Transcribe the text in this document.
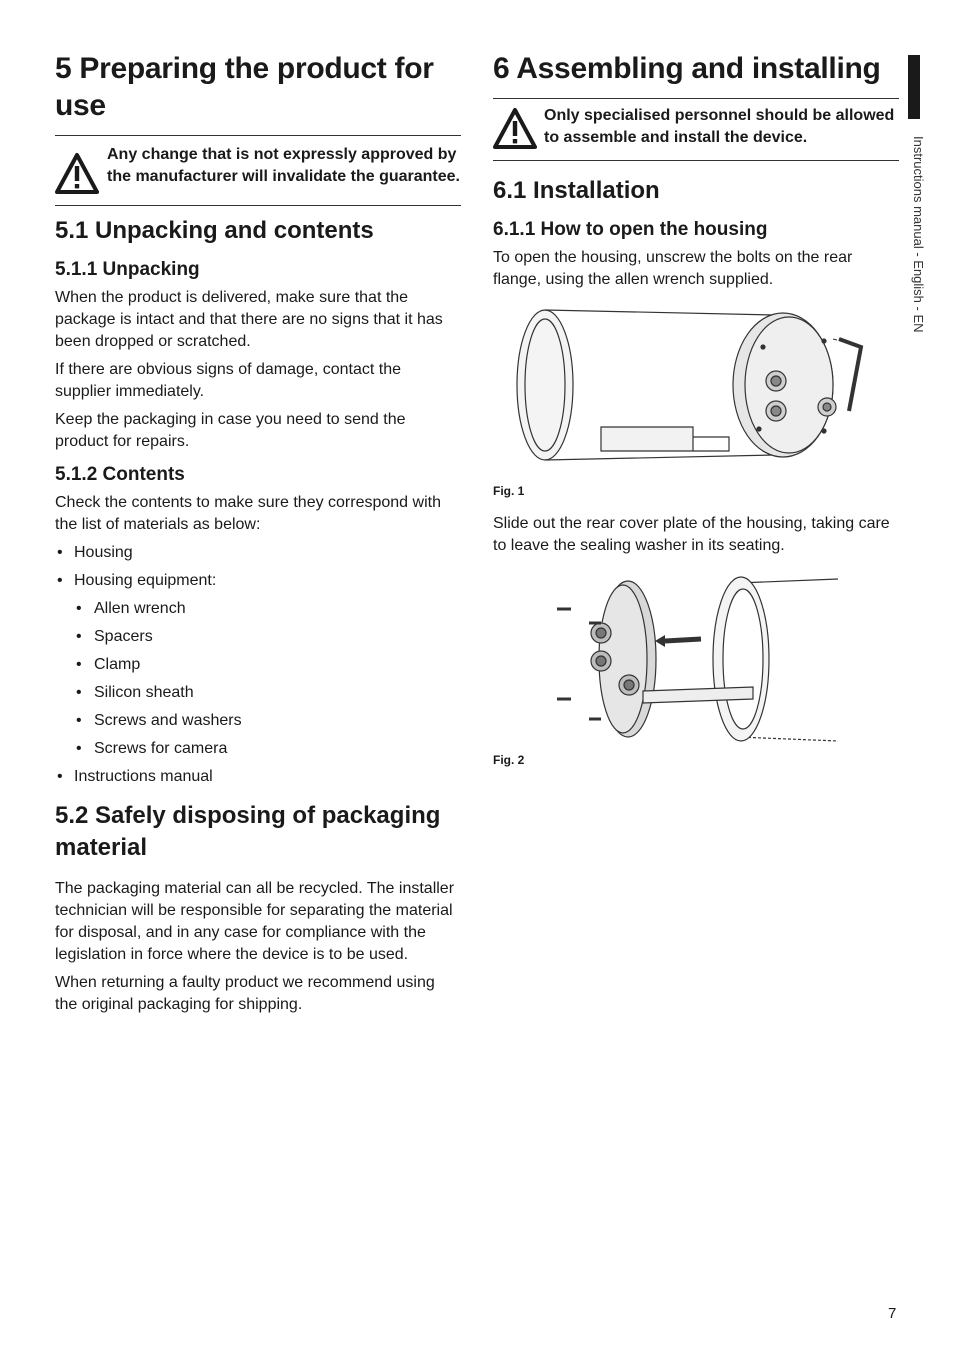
5 Preparing the product for use
Any change that is not expressly approved by the manufacturer will invalidate the guarantee.
5.1 Unpacking and contents
5.1.1 Unpacking

When the product is delivered, make sure that the package is intact and that there are no signs that it has been dropped or scratched.

If there are obvious signs of damage, contact the supplier immediately.

Keep the packaging in case you need to send the product for repairs.

5.1.2 Contents

Check the contents to make sure they correspond with the list of materials as below:

• Housing
• Housing equipment:
• Allen wrench
• Spacers
• Clamp
• Silicon sheath
• Screws and washers
• Screws for camera
• Instructions manual
5.2 Safely disposing of packaging material

The packaging material can all be recycled. The installer technician will be responsible for separating the material for disposal, and in any case for compliance with the legislation in force where the device is to be used.

When returning a faulty product we recommend using the original packaging for shipping.

6 Assembling and installing
Only specialised personnel should be allowed to assemble and install the device.
6.1 Installation
6.1.1 How to open the housing

To open the housing, unscrew the bolts on the rear flange, using the allen wrench supplied.

Fig. 1

Slide out the rear cover plate of the housing, taking care to leave the sealing washer in its seating.

Fig. 2
Instructions manual - English - EN
7
